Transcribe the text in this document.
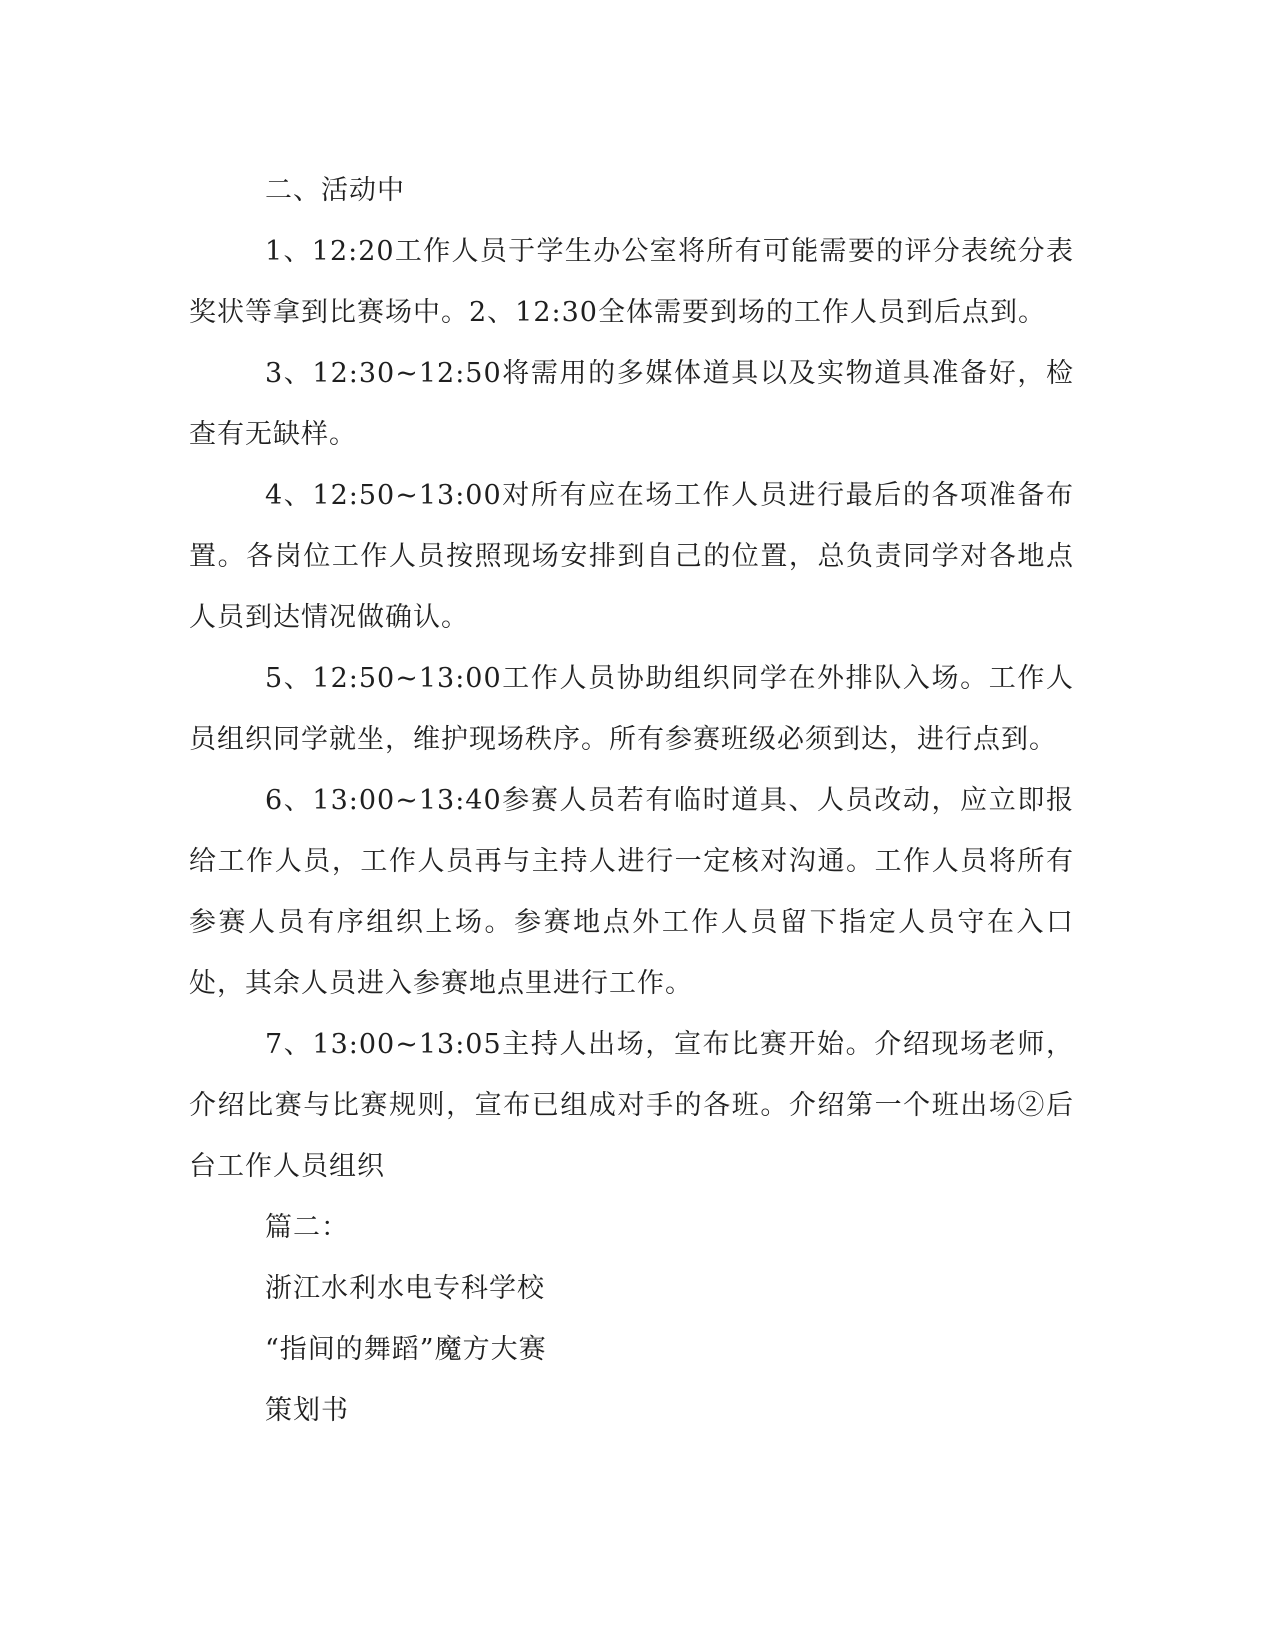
二、活动中

1、12:20工作人员于学生办公室将所有可能需要的评分表统分表奖状等拿到比赛场中。2、12:30全体需要到场的工作人员到后点到。

3、12:30~12:50将需用的多媒体道具以及实物道具准备好，检查有无缺样。

4、12:50~13:00对所有应在场工作人员进行最后的各项准备布置。各岗位工作人员按照现场安排到自己的位置，总负责同学对各地点人员到达情况做确认。

5、12:50~13:00工作人员协助组织同学在外排队入场。工作人员组织同学就坐，维护现场秩序。所有参赛班级必须到达，进行点到。

6、13:00~13:40参赛人员若有临时道具、人员改动，应立即报给工作人员，工作人员再与主持人进行一定核对沟通。工作人员将所有参赛人员有序组织上场。参赛地点外工作人员留下指定人员守在入口处，其余人员进入参赛地点里进行工作。

7、13:00~13:05主持人出场，宣布比赛开始。介绍现场老师，介绍比赛与比赛规则，宣布已组成对手的各班。介绍第一个班出场②后台工作人员组织

篇二：
浙江水利水电专科学校
“指间的舞蹈”魔方大赛
策划书
